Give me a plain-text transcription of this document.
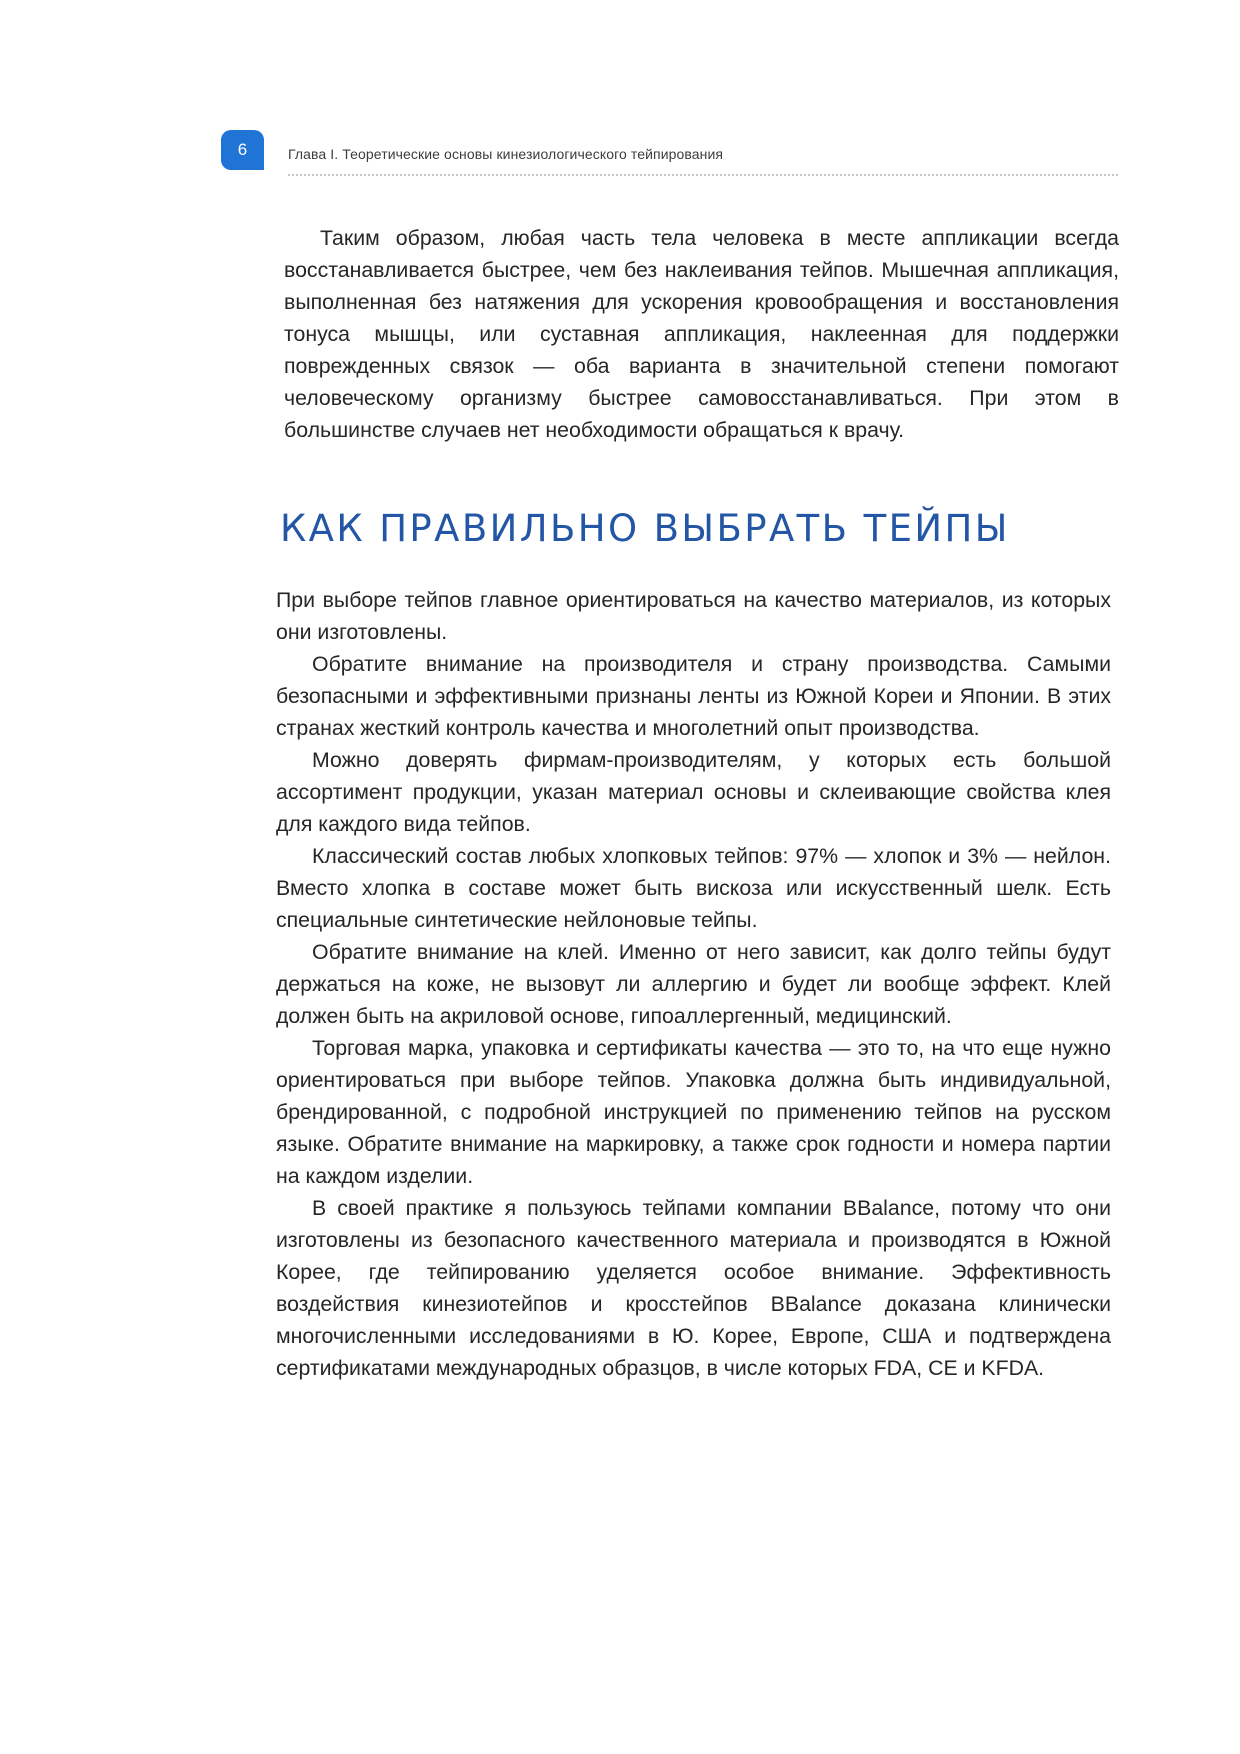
6	Глава I. Теоретические основы кинезиологического тейпирования

Таким образом, любая часть тела человека в месте аппликации всегда восстанавливается быстрее, чем без наклеивания тейпов. Мышечная аппликация, выполненная без натяжения для ускорения кровообращения и восстановления тонуса мышцы, или суставная аппликация, наклеенная для поддержки поврежденных связок — оба варианта в значительной степени помогают человеческому организму быстрее самовосстанавливаться. При этом в большинстве случаев нет необходимости обращаться к врачу.

КАК ПРАВИЛЬНО ВЫБРАТЬ ТЕЙПЫ

При выборе тейпов главное ориентироваться на качество материалов, из которых они изготовлены.

Обратите внимание на производителя и страну производства. Самыми безопасными и эффективными признаны ленты из Южной Кореи и Японии. В этих странах жесткий контроль качества и многолетний опыт производства.

Можно доверять фирмам-производителям, у которых есть большой ассортимент продукции, указан материал основы и склеивающие свойства клея для каждого вида тейпов.

Классический состав любых хлопковых тейпов: 97% — хлопок и 3% — нейлон. Вместо хлопка в составе может быть вискоза или искусственный шелк. Есть специальные синтетические нейлоновые тейпы.

Обратите внимание на клей. Именно от него зависит, как долго тейпы будут держаться на коже, не вызовут ли аллергию и будет ли вообще эффект. Клей должен быть на акриловой основе, гипоаллергенный, медицинский.

Торговая марка, упаковка и сертификаты качества — это то, на что еще нужно ориентироваться при выборе тейпов. Упаковка должна быть индивидуальной, брендированной, с подробной инструкцией по применению тейпов на русском языке. Обратите внимание на маркировку, а также срок годности и номера партии на каждом изделии.

В своей практике я пользуюсь тейпами компании BBalance, потому что они изготовлены из безопасного качественного материала и производятся в Южной Корее, где тейпированию уделяется особое внимание. Эффективность воздействия кинезиотейпов и кросстейпов BBalance доказана клинически многочисленными исследованиями в Ю. Корее, Европе, США и подтверждена сертификатами международных образцов, в числе которых FDA, CE и KFDA.
